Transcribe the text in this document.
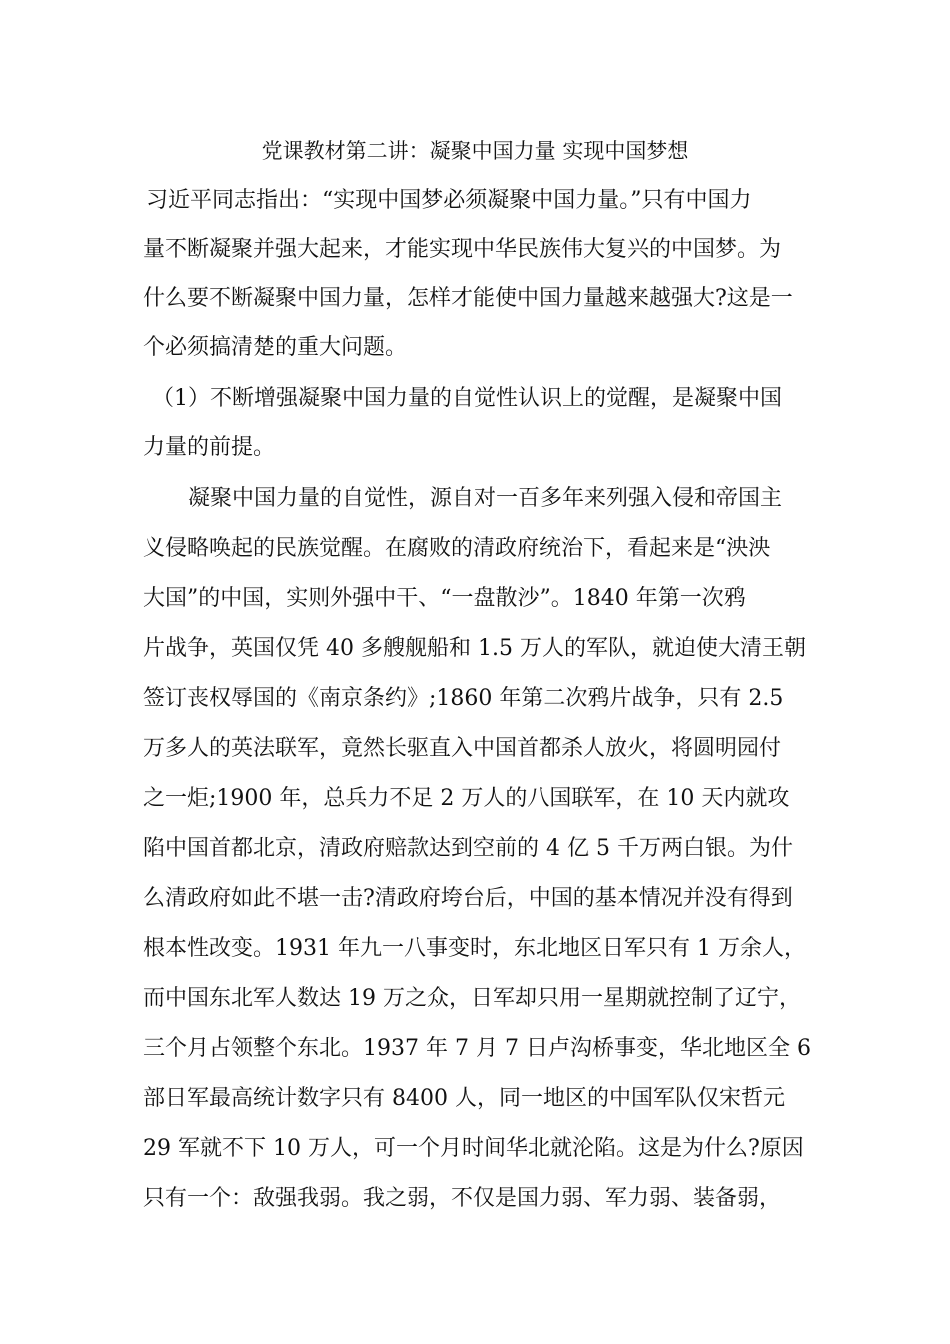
党课教材第二讲：凝聚中国力量 实现中国梦想
习近平同志指出：“实现中国梦必须凝聚中国力量。”只有中国力
量不断凝聚并强大起来，才能实现中华民族伟大复兴的中国梦。为
什么要不断凝聚中国力量，怎样才能使中国力量越来越强大?这是一
个必须搞清楚的重大问题。
（1）不断增强凝聚中国力量的自觉性认识上的觉醒，是凝聚中国
力量的前提。
凝聚中国力量的自觉性，源自对一百多年来列强入侵和帝国主
义侵略唤起的民族觉醒。在腐败的清政府统治下，看起来是“泱泱
大国”的中国，实则外强中干、“一盘散沙”。1840 年第一次鸦
片战争，英国仅凭 40 多艘舰船和 1.5 万人的军队，就迫使大清王朝
签订丧权辱国的《南京条约》;1860 年第二次鸦片战争，只有 2.5
万多人的英法联军，竟然长驱直入中国首都杀人放火，将圆明园付
之一炬;1900 年，总兵力不足 2 万人的八国联军，在 10 天内就攻
陷中国首都北京，清政府赔款达到空前的 4 亿 5 千万两白银。为什
么清政府如此不堪一击?清政府垮台后，中国的基本情况并没有得到
根本性改变。1931 年九一八事变时，东北地区日军只有 1 万余人，
而中国东北军人数达 19 万之众，日军却只用一星期就控制了辽宁，
三个月占领整个东北。1937 年 7 月 7 日卢沟桥事变，华北地区全 6
部日军最高统计数字只有 8400 人，同一地区的中国军队仅宋哲元
29 军就不下 10 万人，可一个月时间华北就沦陷。这是为什么?原因
只有一个：敌强我弱。我之弱，不仅是国力弱、军力弱、装备弱，
